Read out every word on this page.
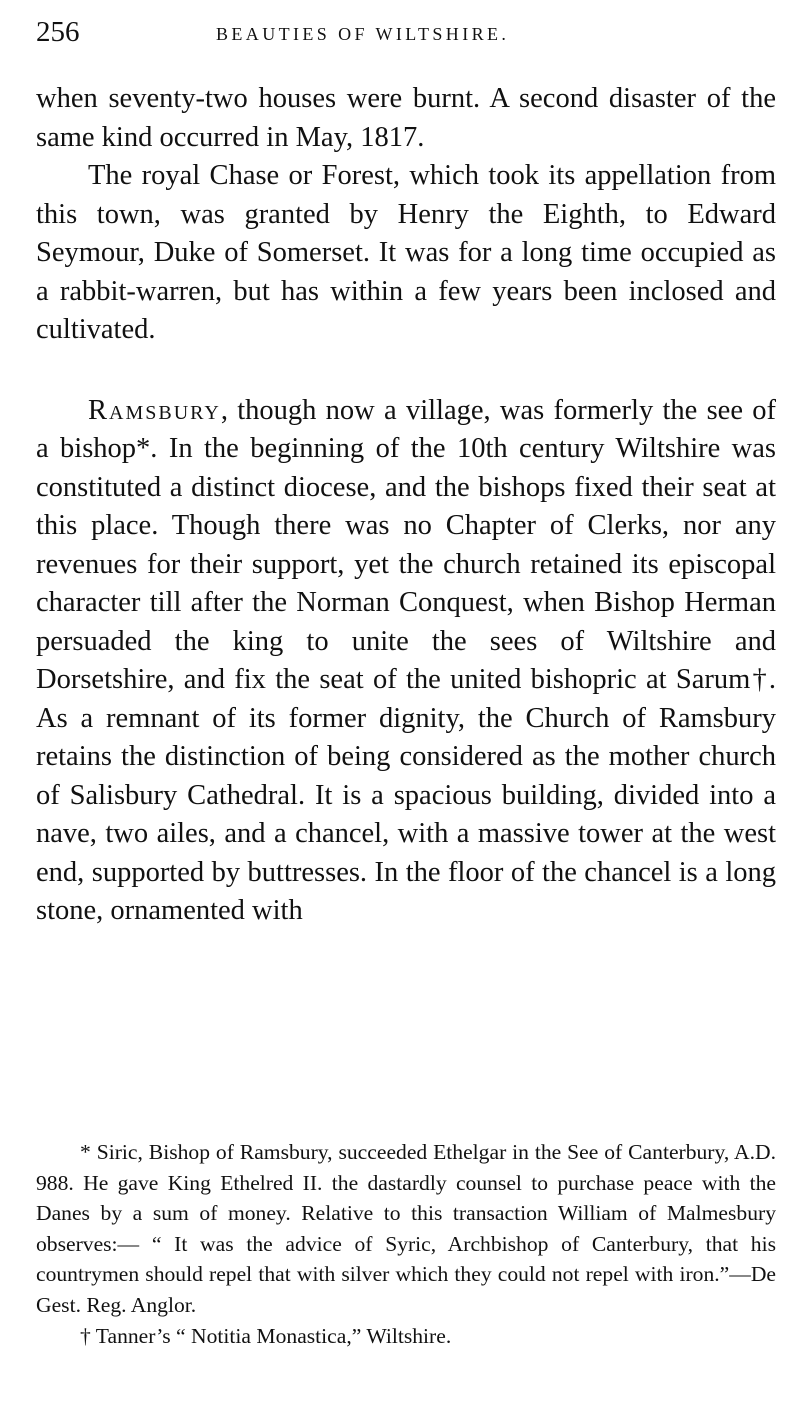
256	BEAUTIES OF WILTSHIRE.

when seventy-two houses were burnt. A second disaster of the same kind occurred in May, 1817.

The royal Chase or Forest, which took its appellation from this town, was granted by Henry the Eighth, to Edward Seymour, Duke of Somerset. It was for a long time occupied as a rabbit-warren, but has within a few years been inclosed and cultivated.

Ramsbury, though now a village, was formerly the see of a bishop*. In the beginning of the 10th century Wiltshire was constituted a distinct diocese, and the bishops fixed their seat at this place. Though there was no Chapter of Clerks, nor any revenues for their support, yet the church retained its episcopal character till after the Norman Conquest, when Bishop Herman persuaded the king to unite the sees of Wiltshire and Dorsetshire, and fix the seat of the united bishopric at Sarum†. As a remnant of its former dignity, the Church of Ramsbury retains the distinction of being considered as the mother church of Salisbury Cathedral. It is a spacious building, divided into a nave, two ailes, and a chancel, with a massive tower at the west end, supported by buttresses. In the floor of the chancel is a long stone, ornamented with

* Siric, Bishop of Ramsbury, succeeded Ethelgar in the See of Canterbury, A.D. 988. He gave King Ethelred II. the dastardly counsel to purchase peace with the Danes by a sum of money. Relative to this transaction William of Malmesbury observes:— “ It was the advice of Syric, Archbishop of Canterbury, that his countrymen should repel that with silver which they could not repel with iron.”—De Gest. Reg. Anglor.

† Tanner’s “ Notitia Monastica,” Wiltshire.
